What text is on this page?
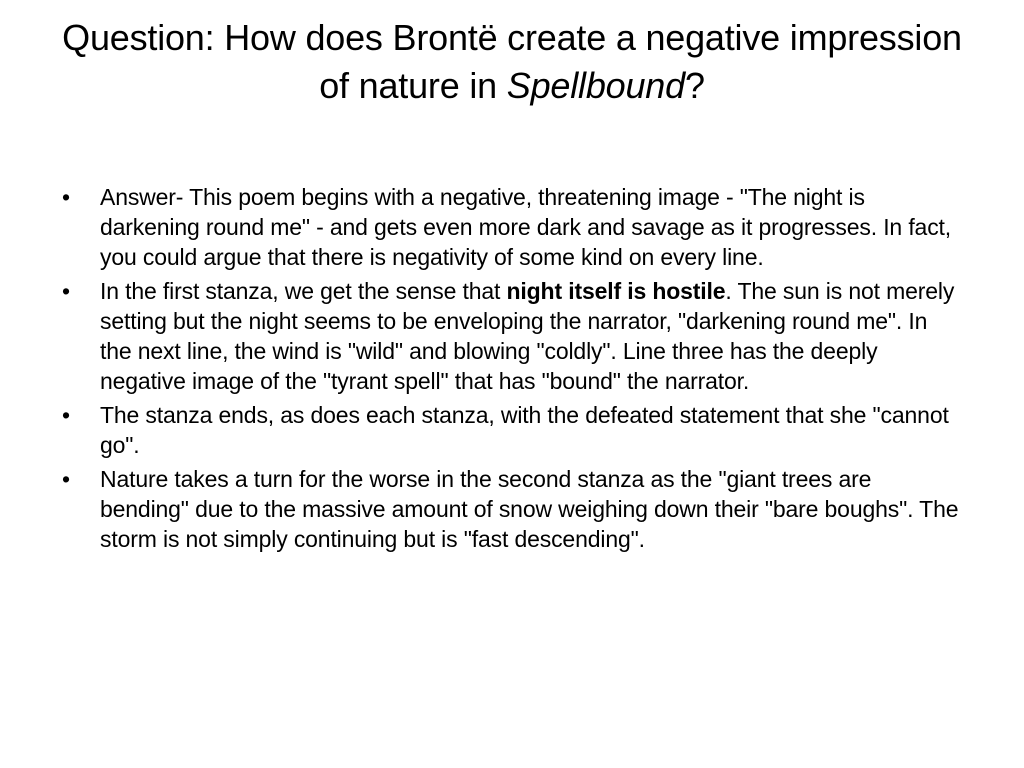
Question: How does Brontë create a negative impression of nature in Spellbound?
•	Answer- This poem begins with a negative, threatening image - "The night is darkening round me" - and gets even more dark and savage as it progresses. In fact, you could argue that there is negativity of some kind on every line.
•	In the first stanza, we get the sense that night itself is hostile. The sun is not merely setting but the night seems to be enveloping the narrator, "darkening round me". In the next line, the wind is "wild" and blowing "coldly". Line three has the deeply negative image of the "tyrant spell" that has "bound" the narrator.
•	The stanza ends, as does each stanza, with the defeated statement that she "cannot go".
•	Nature takes a turn for the worse in the second stanza as the "giant trees are bending" due to the massive amount of snow weighing down their "bare boughs". The storm is not simply continuing but is "fast descending".
